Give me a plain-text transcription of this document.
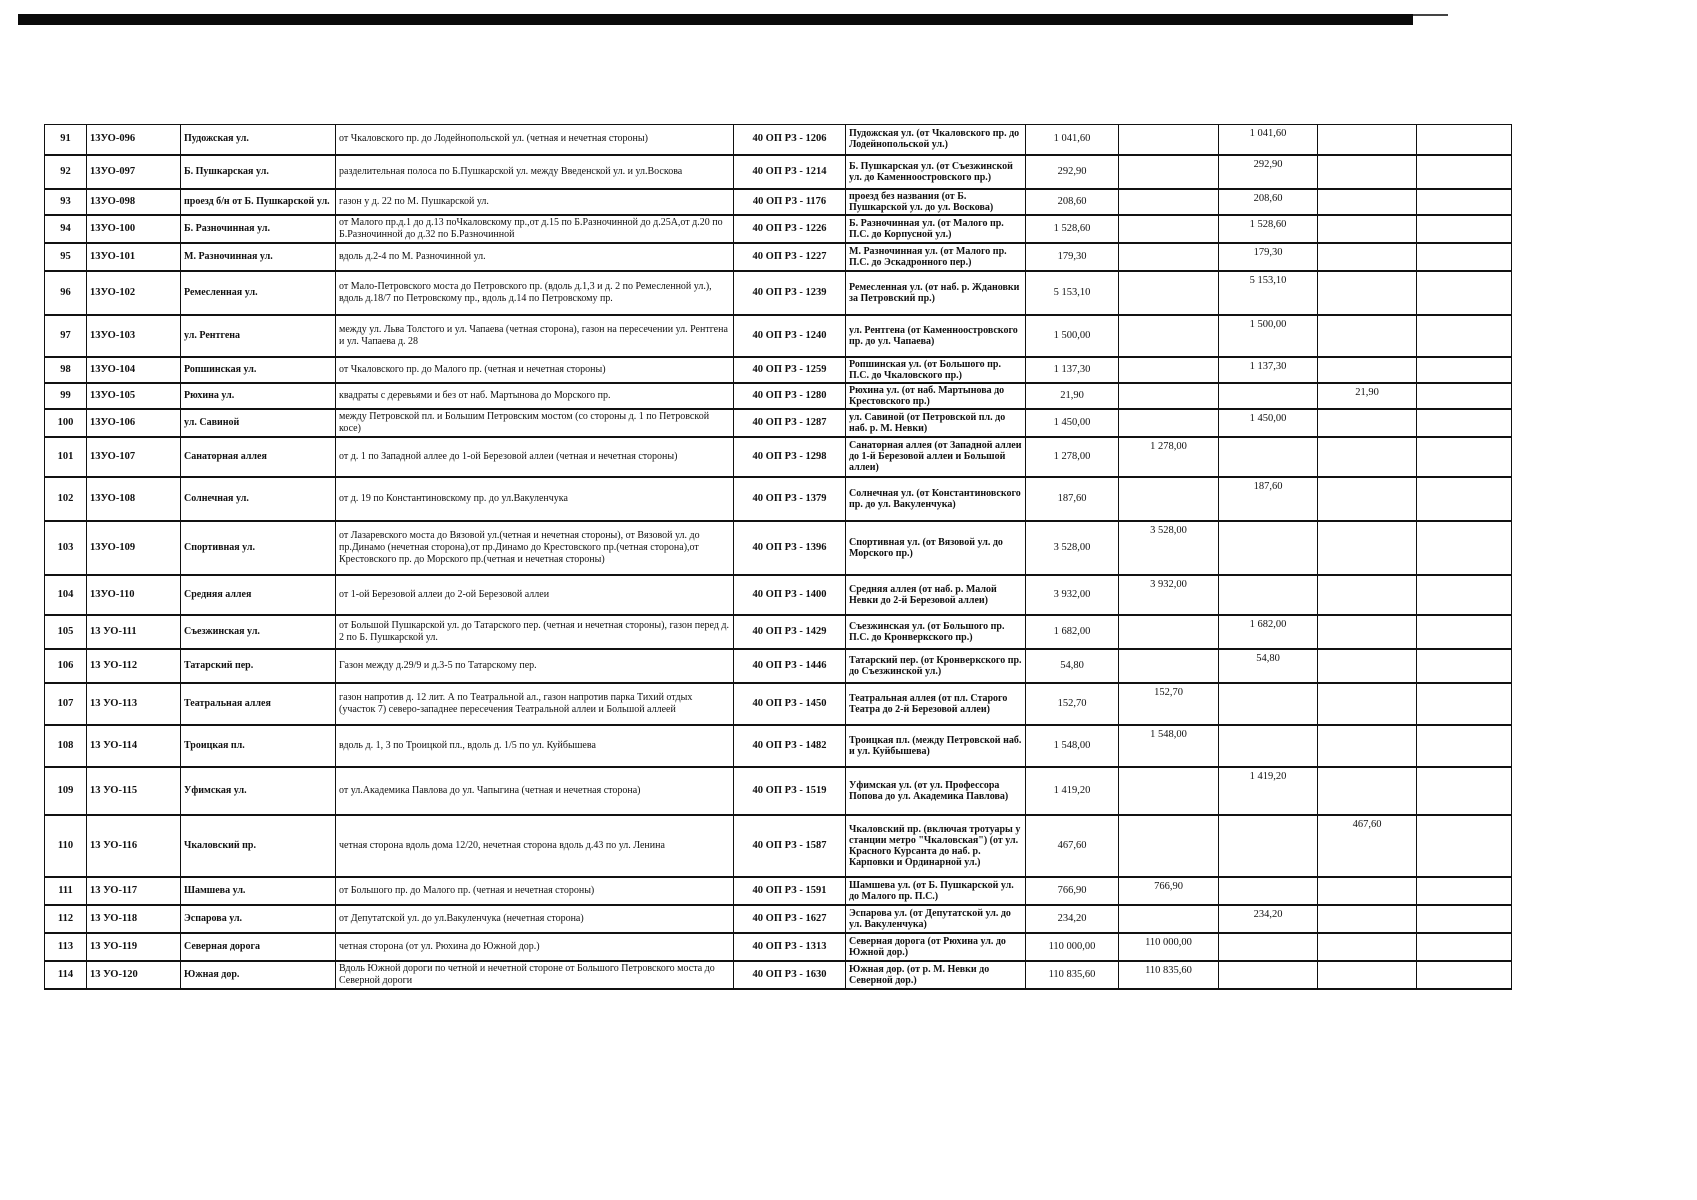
91	13УО-096	Пудожская ул.	от Чкаловского пр. до Лодейнопольской ул. (четная и нечетная стороны)	40 ОП РЗ - 1206	Пудожская ул. (от Чкаловского пр. до Лодейнопольской ул.)	1 041,60		1 041,60		
92	13УО-097	Б. Пушкарская ул.	разделительная полоса по Б.Пушкарской ул. между Введенской ул. и ул.Воскова	40 ОП РЗ - 1214	Б. Пушкарская ул. (от Съезжинской ул. до Каменноостровского пр.)	292,90		292,90		
93	13УО-098	проезд б/н от Б. Пушкарской ул.	газон у д. 22 по М. Пушкарской ул.	40 ОП РЗ - 1176	проезд без названия (от Б. Пушкарской ул. до ул. Воскова)	208,60		208,60		
94	13УО-100	Б. Разночинная ул.	от Малого пр.д.1 до д.13 поЧкаловскому пр.,от д.15 по Б.Разночинной до д.25А,от д.20 по Б.Разночинной до д.32 по Б.Разночинной	40 ОП РЗ - 1226	Б. Разночинная ул. (от Малого пр. П.С. до Корпусной ул.)	1 528,60		1 528,60		
95	13УО-101	М. Разночинная ул.	вдоль д.2-4 по М. Разночинной ул.	40 ОП РЗ - 1227	М. Разночинная ул. (от Малого пр. П.С. до Эскадронного пер.)	179,30		179,30		
96	13УО-102	Ремесленная ул.	от Мало-Петровского моста до Петровского пр. (вдоль д.1,3 и д. 2 по Ремесленной ул.), вдоль д.18/7 по Петровскому пр., вдоль д.14 по Петровскому пр.	40 ОП РЗ - 1239	Ремесленная ул. (от наб. р. Ждановки за Петровский пр.)	5 153,10		5 153,10		
97	13УО-103	ул. Рентгена	между ул. Льва Толстого и ул. Чапаева (четная сторона), газон на пересечении ул. Рентгена и ул. Чапаева д. 28	40 ОП РЗ - 1240	ул. Рентгена (от Каменноостровского пр. до ул. Чапаева)	1 500,00		1 500,00		
98	13УО-104	Ропшинская ул.	от Чкаловского пр. до Малого пр. (четная и нечетная стороны)	40 ОП РЗ - 1259	Ропшинская ул. (от Большого пр. П.С. до Чкаловского пр.)	1 137,30		1 137,30		
99	13УО-105	Рюхина ул.	квадраты с деревьями и без от наб. Мартынова до Морского пр.	40 ОП РЗ - 1280	Рюхина ул. (от наб. Мартынова до Крестовского пр.)	21,90			21,90	
100	13УО-106	ул. Савиной	между Петровской пл. и Большим Петровским мостом (со стороны д. 1 по Петровской косе)	40 ОП РЗ - 1287	ул. Савиной (от Петровской пл. до наб. р. М. Невки)	1 450,00		1 450,00		
101	13УО-107	Санаторная аллея	от д. 1 по Западной аллее до 1-ой Березовой аллеи (четная и нечетная стороны)	40 ОП РЗ - 1298	Санаторная аллея (от Западной аллеи до 1-й Березовой аллеи и Большой аллеи)	1 278,00	1 278,00			
102	13УО-108	Солнечная ул.	от д. 19 по Константиновскому пр. до ул.Вакуленчука	40 ОП РЗ - 1379	Солнечная ул. (от Константиновского пр. до ул. Вакуленчука)	187,60		187,60		
103	13УО-109	Спортивная ул.	от Лазаревского моста до Вязовой ул.(четная и нечетная стороны), от Вязовой ул. до пр.Динамо (нечетная сторона),от пр.Динамо до Крестовского пр.(четная сторона),от Крестовского пр. до Морского пр.(четная и нечетная стороны)	40 ОП РЗ - 1396	Спортивная ул. (от Вязовой ул. до Морского пр.)	3 528,00	3 528,00			
104	13УО-110	Средняя аллея	от 1-ой Березовой аллеи до 2-ой Березовой аллеи	40 ОП РЗ - 1400	Средняя аллея (от наб. р. Малой Невки до 2-й Березовой аллеи)	3 932,00	3 932,00			
105	13 УО-111	Съезжинская ул.	от Большой Пушкарской ул. до Татарского пер. (четная и нечетная стороны), газон перед д. 2 по Б. Пушкарской ул.	40 ОП РЗ - 1429	Съезжинская ул. (от Большого пр. П.С. до Кронверкского пр.)	1 682,00		1 682,00		
106	13 УО-112	Татарский пер.	Газон между д.29/9 и д.3-5 по Татарскому пер.	40 ОП РЗ - 1446	Татарский пер. (от Кронверкского пр. до Съезжинской ул.)	54,80		54,80		
107	13 УО-113	Театральная аллея	газон напротив д. 12 лит. А по Театральной ал., газон напротив парка Тихий отдых (участок 7) северо-западнее пересечения Театральной аллеи и Большой аллеей	40 ОП РЗ - 1450	Театральная аллея (от пл. Старого Театра до 2-й Березовой аллеи)	152,70	152,70			
108	13 УО-114	Троицкая пл.	вдоль д. 1, 3 по Троицкой пл., вдоль д. 1/5 по ул. Куйбышева	40 ОП РЗ - 1482	Троицкая пл. (между Петровской наб. и ул. Куйбышева)	1 548,00	1 548,00			
109	13 УО-115	Уфимская ул.	от ул.Академика Павлова до ул. Чапыгина (четная и нечетная сторона)	40 ОП РЗ - 1519	Уфимская ул. (от ул. Профессора Попова до ул. Академика Павлова)	1 419,20		1 419,20		
110	13 УО-116	Чкаловский пр.	четная сторона вдоль дома 12/20, нечетная сторона вдоль д.43 по ул. Ленина	40 ОП РЗ - 1587	Чкаловский пр. (включая тротуары у станции метро "Чкаловская") (от ул. Красного Курсанта до наб. р. Карповки и Ординарной ул.)	467,60			467,60	
111	13 УО-117	Шамшева ул.	от Большого пр. до Малого пр. (четная и нечетная стороны)	40 ОП РЗ - 1591	Шамшева ул. (от Б. Пушкарской ул. до Малого пр. П.С.)	766,90	766,90			
112	13 УО-118	Эспарова ул.	от Депутатской ул. до ул.Вакуленчука (нечетная сторона)	40 ОП РЗ - 1627	Эспарова ул. (от Депутатской ул. до ул. Вакуленчука)	234,20		234,20		
113	13 УО-119	Северная дорога	четная сторона (от ул. Рюхина до Южной дор.)	40 ОП РЗ - 1313	Северная дорога (от Рюхина ул. до Южной дор.)	110 000,00	110 000,00			
114	13 УО-120	Южная дор.	Вдоль Южной дороги по четной и нечетной стороне от Большого Петровского моста до Северной дороги	40 ОП РЗ - 1630	Южная дор. (от р. М. Невки до Северной дор.)	110 835,60	110 835,60			
